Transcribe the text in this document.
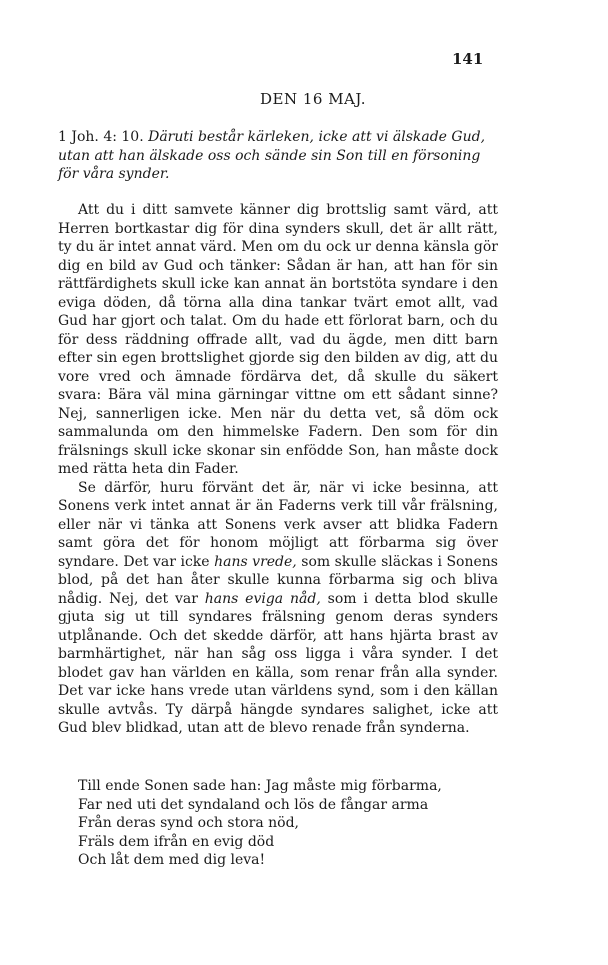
141
DEN 16 MAJ.
1 Joh. 4: 10. Däruti består kärleken, icke att vi älskade Gud, utan att han älskade oss och sände sin Son till en försoning för våra synder.

Att du i ditt samvete känner dig brottslig samt värd, att Herren bortkastar dig för dina synders skull, det är allt rätt, ty du är intet annat värd. Men om du ock ur denna känsla gör dig en bild av Gud och tänker: Sådan är han, att han för sin rättfärdighets skull icke kan annat än bortstöta syndare i den eviga döden, då törna alla dina tankar tvärt emot allt, vad Gud har gjort och talat. Om du hade ett förlorat barn, och du för dess räddning offrade allt, vad du ägde, men ditt barn efter sin egen brottslighet gjorde sig den bilden av dig, att du vore vred och ämnade fördärva det, då skulle du säkert svara: Bära väl mina gärningar vittne om ett sådant sinne? Nej, sannerligen icke. Men när du detta vet, så döm ock sammalunda om den himmelske Fadern. Den som för din frälsnings skull icke skonar sin enfödde Son, han måste dock med rätta heta din Fader.

Se därför, huru förvänt det är, när vi icke besinna, att Sonens verk intet annat är än Faderns verk till vår frälsning, eller när vi tänka att Sonens verk avser att blidka Fadern samt göra det för honom möjligt att förbarma sig över syndare. Det var icke hans vrede, som skulle släckas i Sonens blod, på det han åter skulle kunna förbarma sig och bliva nådig. Nej, det var hans eviga nåd, som i detta blod skulle gjuta sig ut till syndares frälsning genom deras synders utplånande. Och det skedde därför, att hans hjärta brast av barmhärtighet, när han såg oss ligga i våra synder. I det blodet gav han världen en källa, som renar från alla synder. Det var icke hans vrede utan världens synd, som i den källan skulle avtvås. Ty därpå hängde syndares salighet, icke att Gud blev blidkad, utan att de blevo renade från synderna.

Till ende Sonen sade han: Jag måste mig förbarma,
Far ned uti det syndaland och lös de fångar arma
Från deras synd och stora nöd,
Fräls dem ifrån en evig död
Och låt dem med dig leva!
